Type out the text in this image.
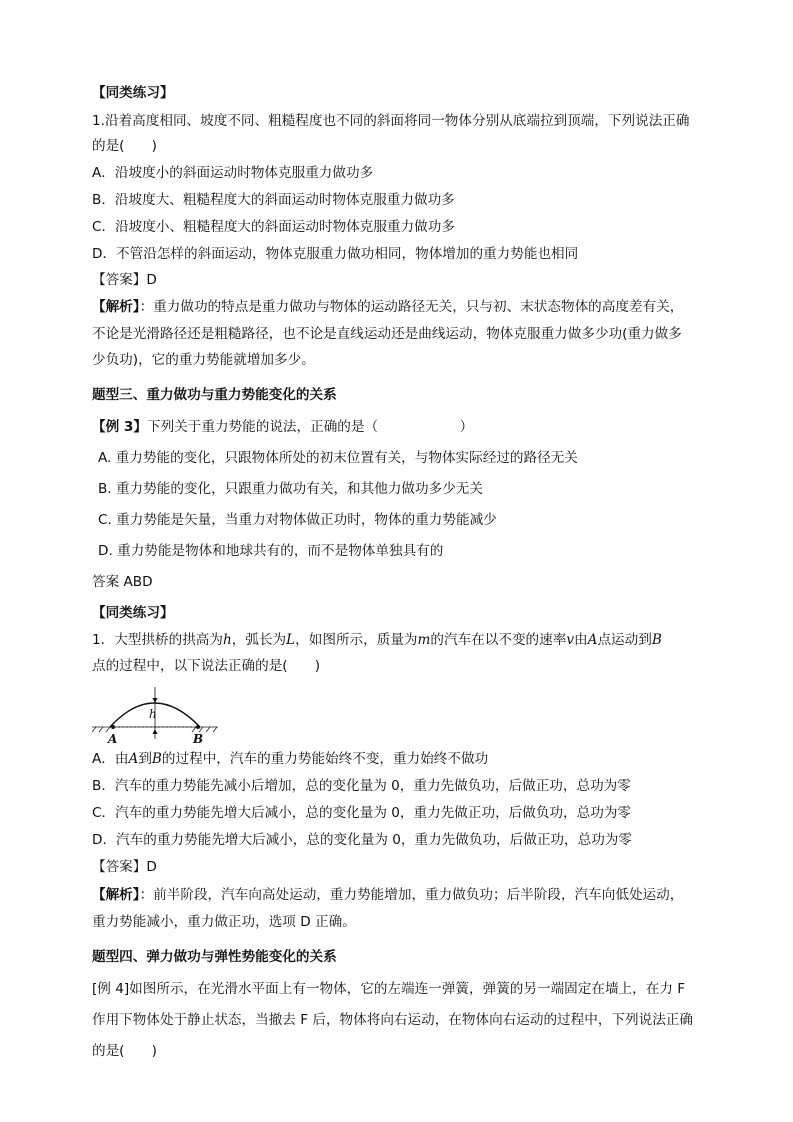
【同类练习】
1.沿着高度相同、坡度不同、粗糙程度也不同的斜面将同一物体分别从底端拉到顶端，下列说法正确
的是(　　)
A．沿坡度小的斜面运动时物体克服重力做功多
B．沿坡度大、粗糙程度大的斜面运动时物体克服重力做功多
C．沿坡度小、粗糙程度大的斜面运动时物体克服重力做功多
D．不管沿怎样的斜面运动，物体克服重力做功相同，物体增加的重力势能也相同
【答案】D
【解析】：重力做功的特点是重力做功与物体的运动路径无关，只与初、末状态物体的高度差有关，
不论是光滑路径还是粗糙路径，也不论是直线运动还是曲线运动，物体克服重力做多少功(重力做多
少负功)，它的重力势能就增加多少。
题型三、重力做功与重力势能变化的关系
【例 3】下列关于重力势能的说法，正确的是（　　　　　　）
A. 重力势能的变化，只跟物体所处的初末位置有关，与物体实际经过的路径无关
B. 重力势能的变化，只跟重力做功有关，和其他力做功多少无关
C. 重力势能是矢量，当重力对物体做正功时，物体的重力势能减少
D. 重力势能是物体和地球共有的，而不是物体单独具有的
答案 ABD
【同类练习】
1．大型拱桥的拱高为h，弧长为L，如图所示，质量为m的汽车在以不变的速率v由A点运动到B
点的过程中，以下说法正确的是(　　)
h
A	B
A．由A到B的过程中，汽车的重力势能始终不变，重力始终不做功
B．汽车的重力势能先减小后增加，总的变化量为 0，重力先做负功，后做正功，总功为零
C．汽车的重力势能先增大后减小，总的变化量为 0，重力先做正功，后做负功，总功为零
D．汽车的重力势能先增大后减小，总的变化量为 0，重力先做负功，后做正功，总功为零
【答案】D
【解析】：前半阶段，汽车向高处运动，重力势能增加，重力做负功；后半阶段，汽车向低处运动，
重力势能减小，重力做正功，选项 D 正确。
题型四、弹力做功与弹性势能变化的关系
[例 4]如图所示，在光滑水平面上有一物体，它的左端连一弹簧，弹簧的另一端固定在墙上，在力 F
作用下物体处于静止状态，当撤去 F 后，物体将向右运动，在物体向右运动的过程中，下列说法正确
的是(　　)
